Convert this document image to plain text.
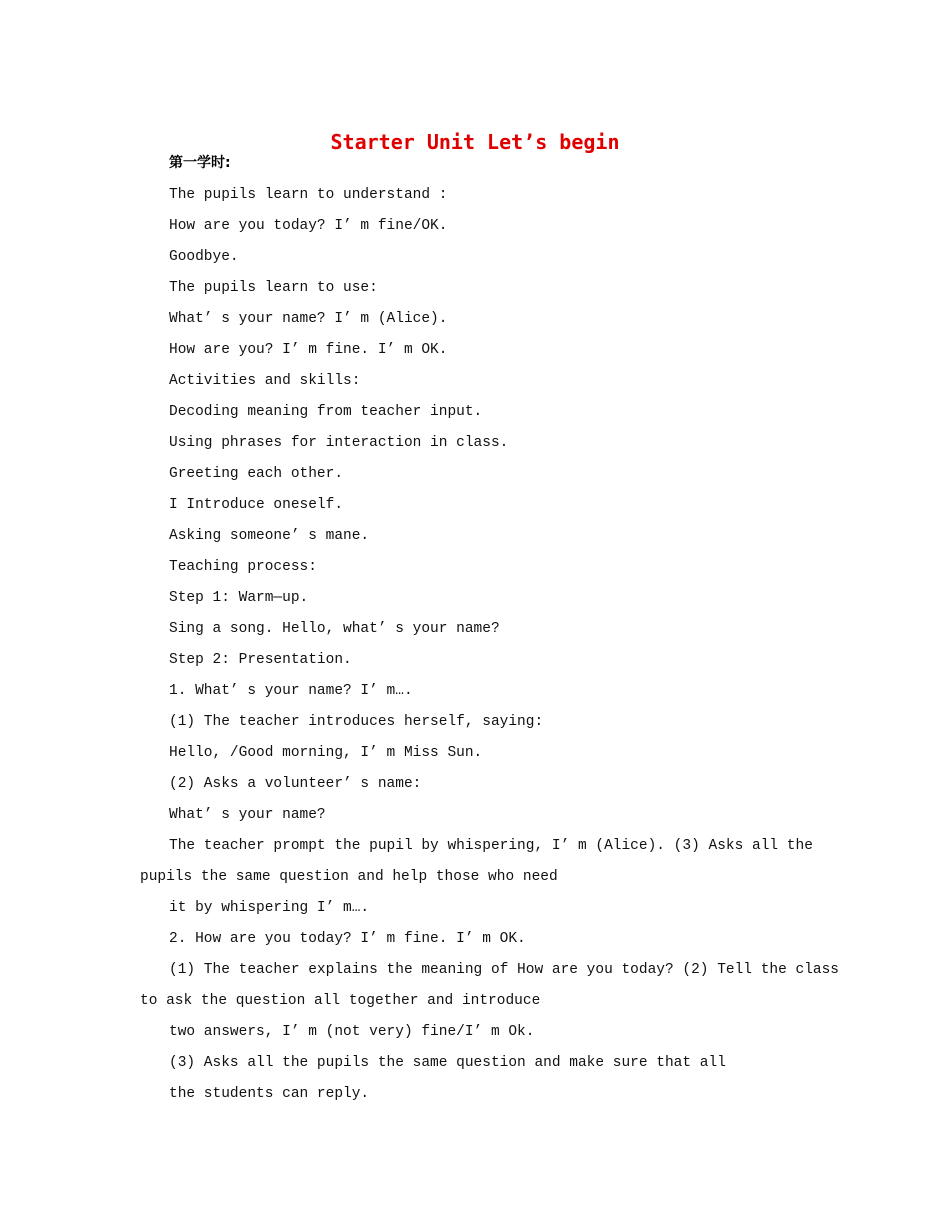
Starter Unit Let’s begin
第一学时:
The pupils learn to understand :
How are you today? I’ m fine/OK.
Goodbye.
The pupils learn to use:
What’ s your name? I’ m (Alice).
How are you? I’ m fine. I’ m OK.
Activities and skills:
Decoding meaning from teacher input.
Using phrases for interaction in class.
Greeting each other.
I Introduce oneself.
Asking someone’ s mane.
Teaching process:
Step 1: Warm—up.
Sing a song. Hello, what’ s your name?
Step 2: Presentation.
1. What’ s your name? I’ m….
(1) The teacher introduces herself, saying:
Hello, /Good morning, I’ m Miss Sun.
(2) Asks a volunteer’ s name:
What’ s your name?
The teacher prompt the pupil by whispering, I’ m (Alice). (3) Asks all the
pupils the same question and help those who need
it by whispering I’ m….
2. How are you today? I’ m fine. I’ m OK.
(1) The teacher explains the meaning of How are you today? (2) Tell the class
to ask the question all together and introduce
two answers, I’ m (not very) fine/I’ m Ok.
(3) Asks all the pupils the same question and make sure that all
the students can reply.
